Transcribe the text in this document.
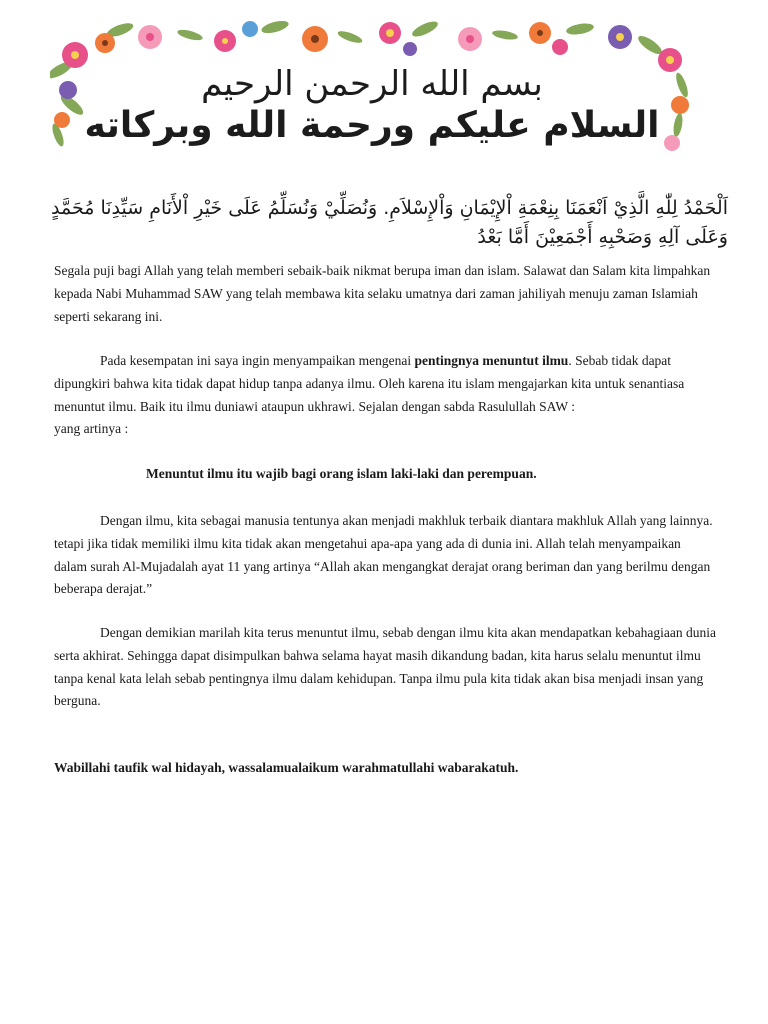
بسم الله الرحمن الرحيم
السلام عليكم ورحمة الله وبركاته
اَلْحَمْدُ لِلّٰهِ الَّذِيْ اَنْعَمَنَا بِنِعْمَةِ اْلإِيْمَانِ وَاْلإِسْلاَمِ. وَنُصَلِّيْ وَنُسَلِّمُ عَلَى خَيْرِ اْلأَنَامِ سَيِّدِنَا مُحَمَّدٍ
وَعَلَى آلِهِ وَصَحْبِهِ أَجْمَعِيْنَ أَمَّا بَعْدُ

Segala puji bagi Allah yang telah memberi sebaik-baik nikmat berupa iman dan islam. Salawat dan Salam kita limpahkan kepada Nabi Muhammad SAW yang telah membawa kita selaku umatnya dari zaman jahiliyah menuju zaman Islamiah seperti sekarang ini.

Pada kesempatan ini saya ingin menyampaikan mengenai pentingnya menuntut ilmu. Sebab tidak dapat dipungkiri bahwa kita tidak dapat hidup tanpa adanya ilmu. Oleh karena itu islam mengajarkan kita untuk senantiasa menuntut ilmu. Baik itu ilmu duniawi ataupun ukhrawi. Sejalan dengan sabda Rasulullah SAW :

yang artinya :

Menuntut ilmu itu wajib bagi orang islam laki-laki dan perempuan.

Dengan ilmu, kita sebagai manusia tentunya akan menjadi makhluk terbaik diantara makhluk Allah yang lainnya. tetapi jika tidak memiliki ilmu kita tidak akan mengetahui apa-apa yang ada di dunia ini. Allah telah menyampaikan dalam surah Al-Mujadalah ayat 11 yang artinya “Allah akan mengangkat derajat orang beriman dan yang berilmu dengan beberapa derajat.”

Dengan demikian marilah kita terus menuntut ilmu, sebab dengan ilmu kita akan mendapatkan kebahagiaan dunia serta akhirat. Sehingga dapat disimpulkan bahwa selama hayat masih dikandung badan, kita harus selalu menuntut ilmu tanpa kenal kata lelah sebab pentingnya ilmu dalam kehidupan. Tanpa ilmu pula kita tidak akan bisa menjadi insan yang berguna.

Wabillahi taufik wal hidayah, wassalamualaikum warahmatullahi wabarakatuh.
